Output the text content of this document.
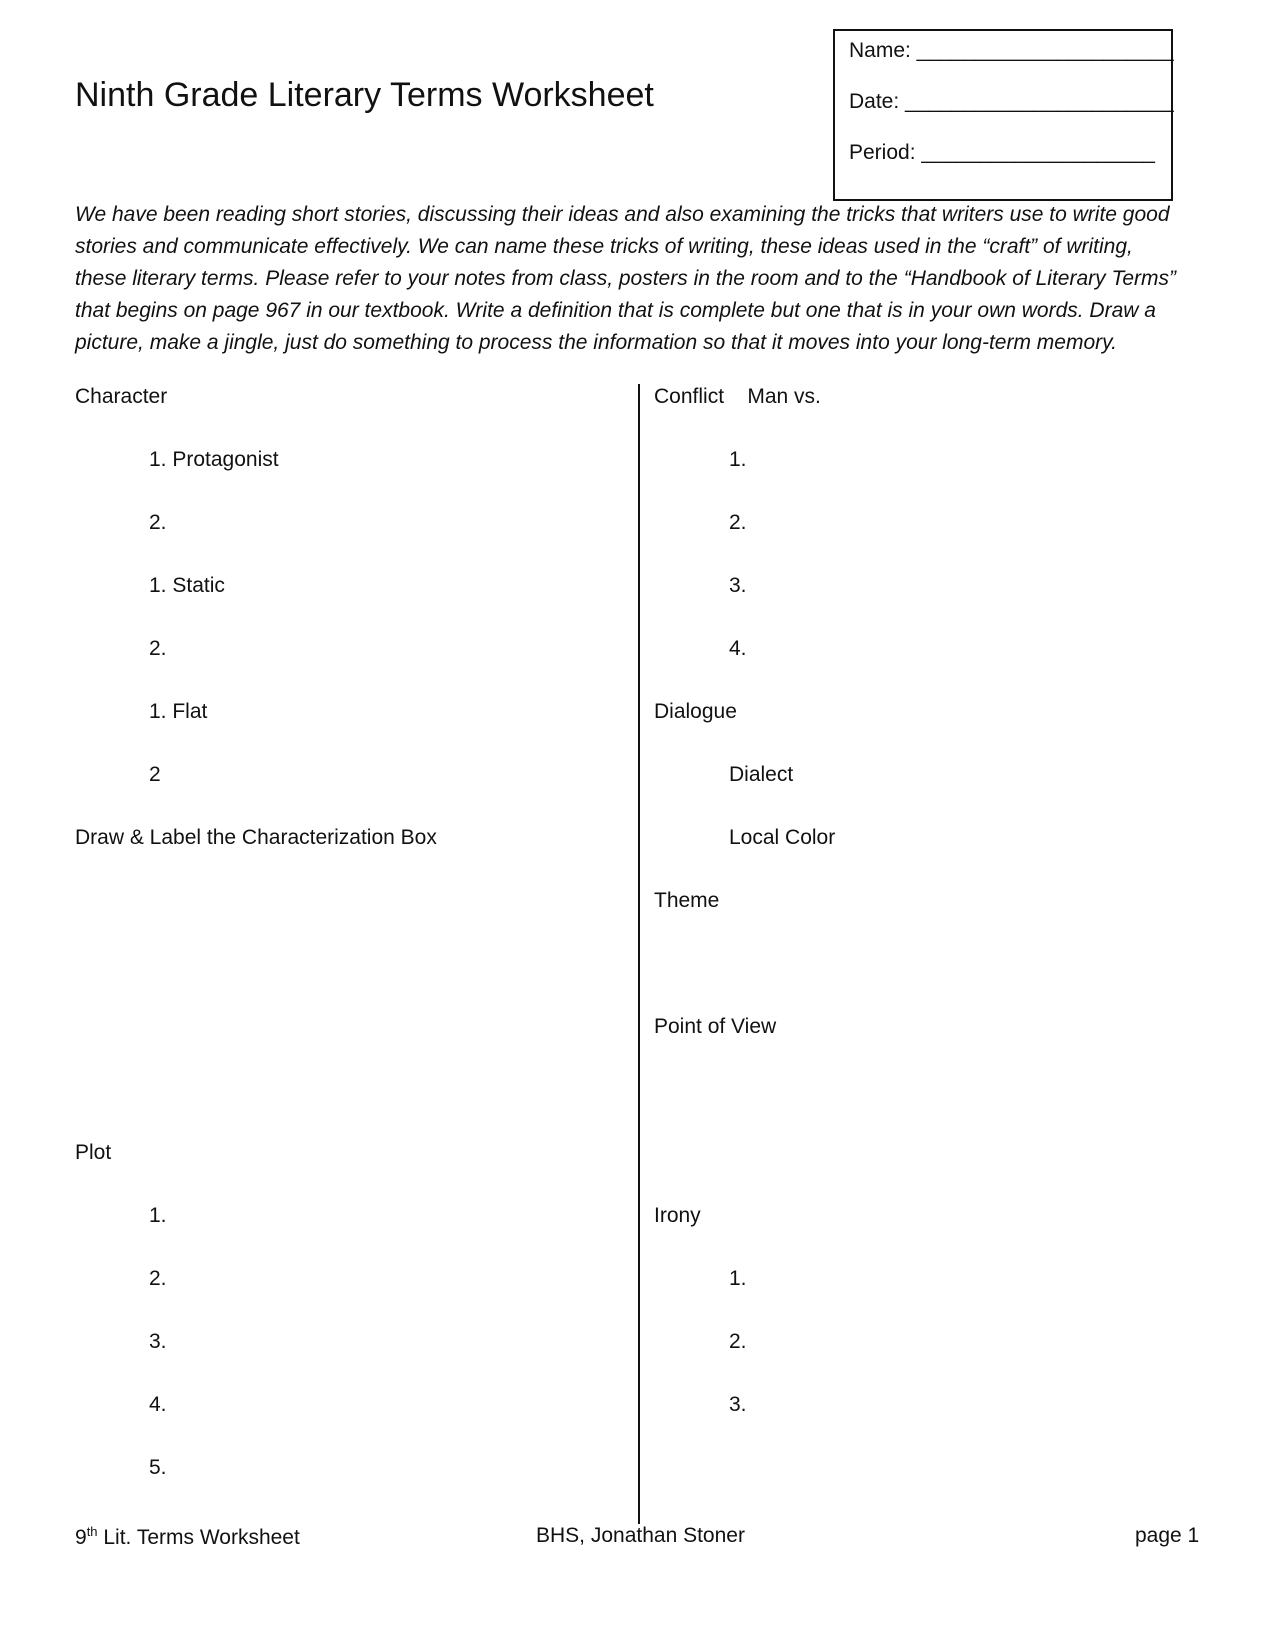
Ninth Grade Literary Terms Worksheet
Name: ______________________
Date: _______________________
Period: ____________________

We have been reading short stories, discussing their ideas and also examining the tricks that writers use to write good stories and communicate effectively. We can name these tricks of writing, these ideas used in the “craft” of writing, these literary terms. Please refer to your notes from class, posters in the room and to the “Handbook of Literary Terms” that begins on page 967 in our textbook. Write a definition that is complete but one that is in your own words. Draw a picture, make a jingle, just do something to process the information so that it moves into your long-term memory.

Character
1. Protagonist
2.
1. Static
2.
1. Flat
2
Draw & Label the Characterization Box
Plot
1.
2.
3.
4.
5.
Conflict    Man vs.
1.
2.
3.
4.
Dialogue
Dialect
Local Color
Theme
Point of View
Irony
1.
2.
3.
9th Lit. Terms Worksheet	BHS, Jonathan Stoner	page 1
